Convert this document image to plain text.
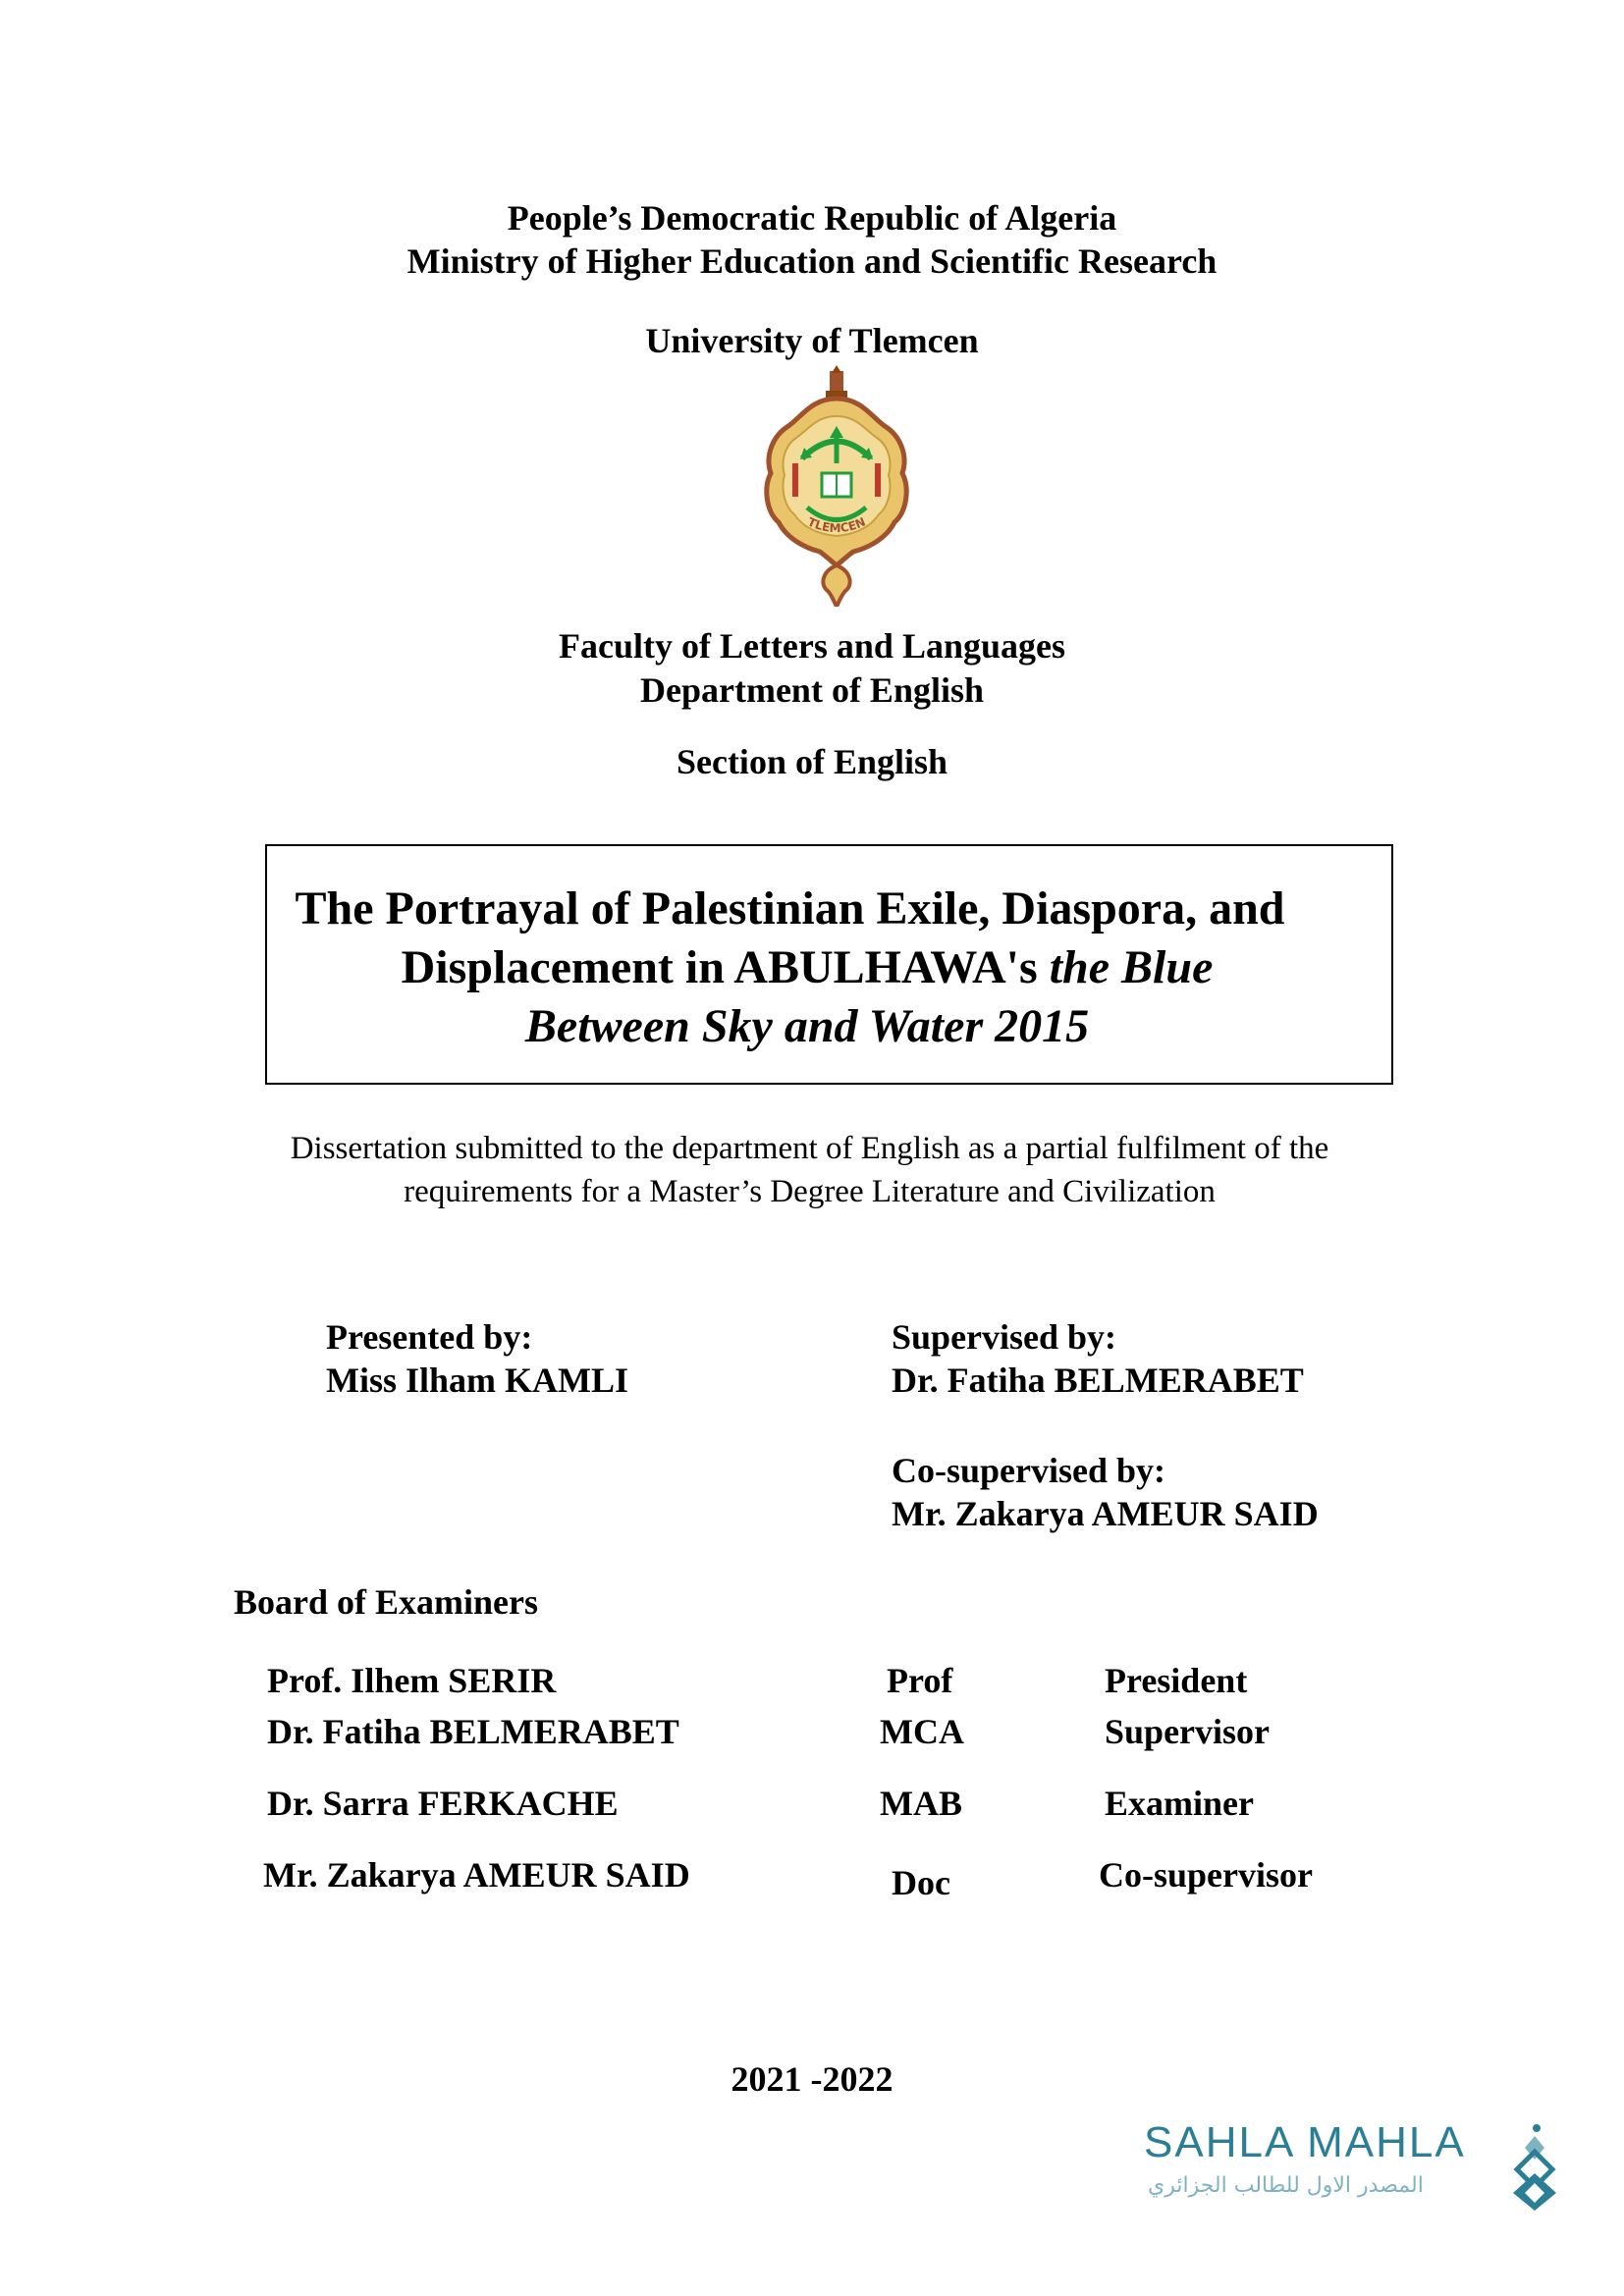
People’s Democratic Republic of Algeria
Ministry of Higher Education and Scientific Research
University of Tlemcen
TLEMCEN
Faculty of Letters and Languages
Department of English
Section of English
The Portrayal of Palestinian Exile, Diaspora, and
Displacement in ABULHAWA's the Blue
Between Sky and Water 2015
Dissertation submitted to the department of English as a partial fulfilment of the
requirements for a Master’s Degree Literature and Civilization
Presented by:
Miss Ilham KAMLI
Supervised by:
Dr. Fatiha BELMERABET
Co-supervised by:
Mr. Zakarya AMEUR SAID
Board of Examiners
Prof. Ilhem SERIR	Prof	President
Dr. Fatiha BELMERABET	MCA	Supervisor
Dr. Sarra FERKACHE	MAB	Examiner
Mr. Zakarya AMEUR SAID	Doc	Co-supervisor
2021 -2022
SAHLA MAHLA
المصدر الاول للطالب الجزائري
